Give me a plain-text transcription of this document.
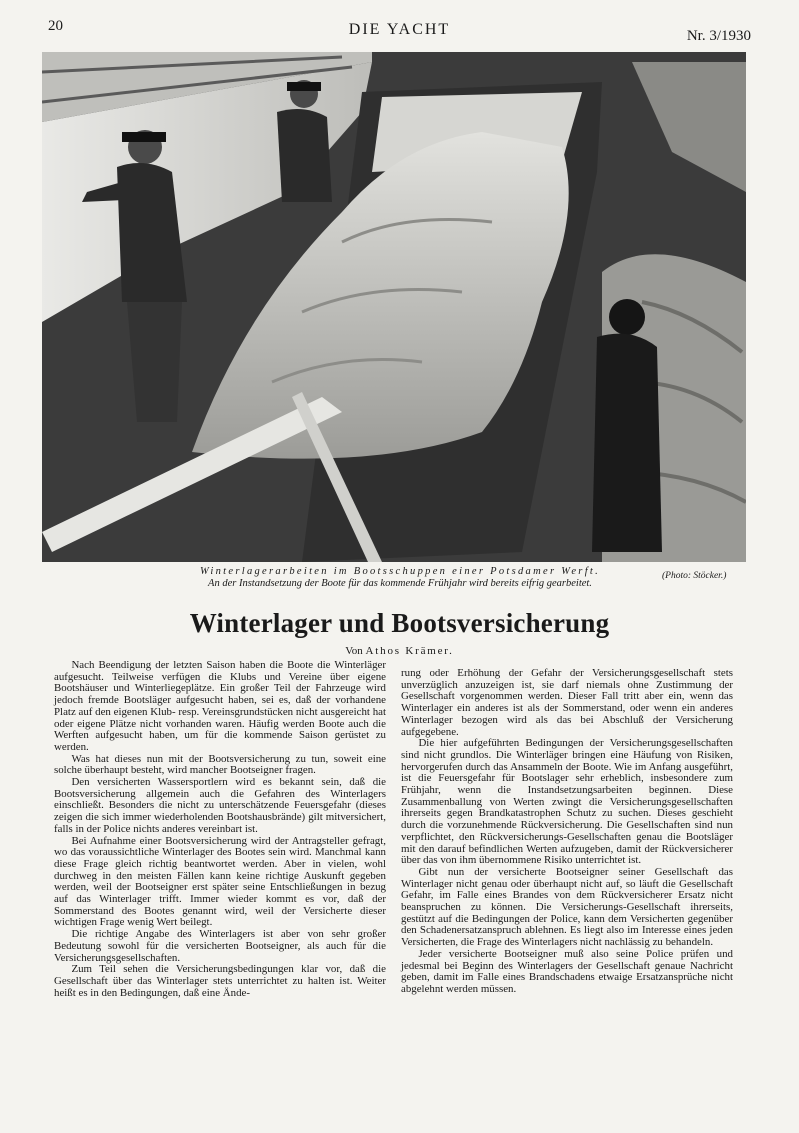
20	DIE YACHT	Nr. 3/1930
Winterlagerarbeiten im Bootsschuppen einer Potsdamer Werft.
An der Instandsetzung der Boote für das kommende Frühjahr wird bereits eifrig gearbeitet.
(Photo: Stöcker.)
Winterlager und Bootsversicherung
Von Athos Krämer.

Nach Beendigung der letzten Saison haben die Boote die Winterläger aufgesucht. Teilweise verfügen die Klubs und Vereine über eigene Bootshäuser und Winterliegeplätze. Ein großer Teil der Fahrzeuge wird jedoch fremde Bootsläger aufgesucht haben, sei es, daß der vorhandene Platz auf den eigenen Klub- resp. Vereinsgrundstücken nicht ausgereicht hat oder eigene Plätze nicht vorhanden waren. Häufig werden Boote auch die Werften aufgesucht haben, um für die kommende Saison gerüstet zu werden.

Was hat dieses nun mit der Bootsversicherung zu tun, soweit eine solche überhaupt besteht, wird mancher Bootseigner fragen.

Den versicherten Wassersportlern wird es bekannt sein, daß die Bootsversicherung allgemein auch die Gefahren des Winterlagers einschließt. Besonders die nicht zu unterschätzende Feuersgefahr (dieses zeigen die sich immer wiederholenden Bootshausbrände) gilt mitversichert, falls in der Police nichts anderes vereinbart ist.

Bei Aufnahme einer Bootsversicherung wird der Antragsteller gefragt, wo das voraussichtliche Winterlager des Bootes sein wird. Manchmal kann diese Frage gleich richtig beantwortet werden. Aber in vielen, wohl durchweg in den meisten Fällen kann keine richtige Auskunft gegeben werden, weil der Bootseigner erst später seine Entschließungen in bezug auf das Winterlager trifft. Immer wieder kommt es vor, daß der Sommerstand des Bootes genannt wird, weil der Versicherte dieser wichtigen Frage wenig Wert beilegt.

Die richtige Angabe des Winterlagers ist aber von sehr großer Bedeutung sowohl für die versicherten Bootseigner, als auch für die Versicherungsgesellschaften.

Zum Teil sehen die Versicherungsbedingungen klar vor, daß die Gesellschaft über das Winterlager stets unterrichtet zu halten ist. Weiter heißt es in den Bedingungen, daß eine Ände-

rung oder Erhöhung der Gefahr der Versicherungsgesellschaft stets unverzüglich anzuzeigen ist, sie darf niemals ohne Zustimmung der Gesellschaft vorgenommen werden. Dieser Fall tritt aber ein, wenn das Winterlager ein anderes ist als der Sommerstand, oder wenn ein anderes Winterlager bezogen wird als das bei Abschluß der Versicherung aufgegebene.

Die hier aufgeführten Bedingungen der Versicherungsgesellschaften sind nicht grundlos. Die Winterläger bringen eine Häufung von Risiken, hervorgerufen durch das Ansammeln der Boote. Wie im Anfang ausgeführt, ist die Feuersgefahr für Bootslager sehr erheblich, insbesondere zum Frühjahr, wenn die Instandsetzungsarbeiten beginnen. Diese Zusammenballung von Werten zwingt die Versicherungsgesellschaften ihrerseits gegen Brandkatastrophen Schutz zu suchen. Dieses geschieht durch die vorzunehmende Rückversicherung. Die Gesellschaften sind nun verpflichtet, den Rückversicherungs-Gesellschaften genau die Bootsläger mit den darauf befindlichen Werten aufzugeben, damit der Rückversicherer über das von ihm übernommene Risiko unterrichtet ist.

Gibt nun der versicherte Bootseigner seiner Gesellschaft das Winterlager nicht genau oder überhaupt nicht auf, so läuft die Gesellschaft Gefahr, im Falle eines Brandes von dem Rückversicherer Ersatz nicht beanspruchen zu können. Die Versicherungs-Gesellschaft ihrerseits, gestützt auf die Bedingungen der Police, kann dem Versicherten gegenüber den Schadenersatzanspruch ablehnen. Es liegt also im Interesse eines jeden Versicherten, die Frage des Winterlagers nicht nachlässig zu behandeln.

Jeder versicherte Bootseigner muß also seine Police prüfen und jedesmal bei Beginn des Winterlagers der Gesellschaft genaue Nachricht geben, damit im Falle eines Brandschadens etwaige Ersatzansprüche nicht abgelehnt werden müssen.
